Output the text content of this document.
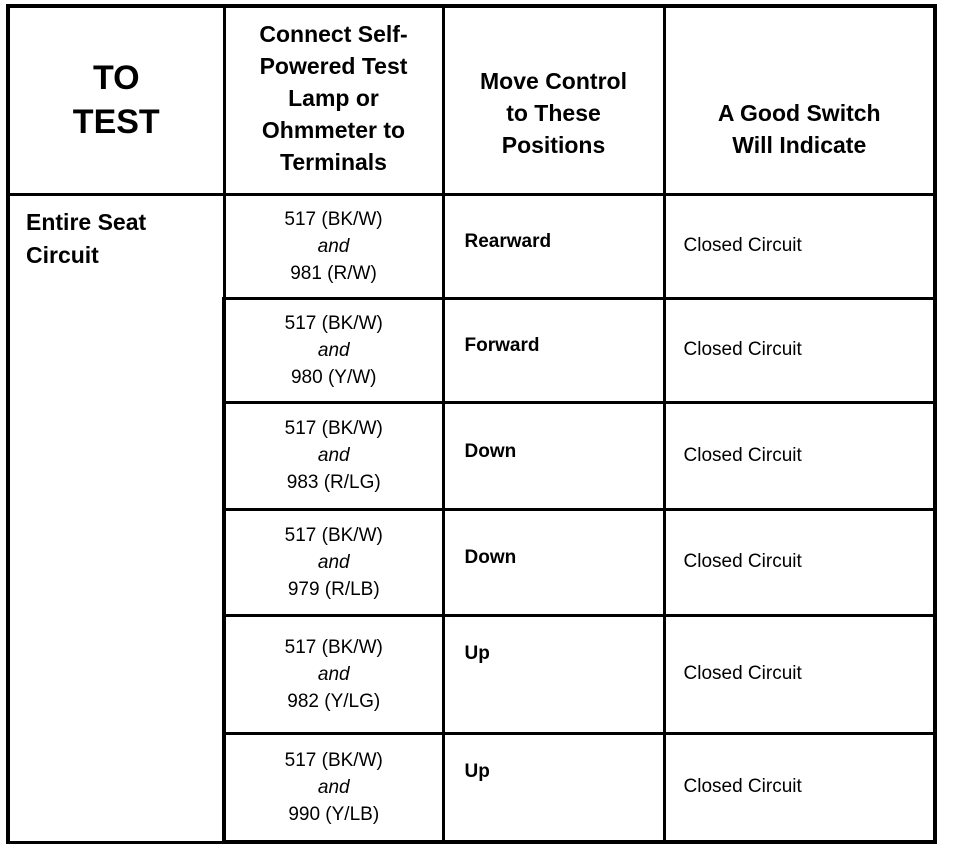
TO
TEST	Connect Self-
Powered Test
Lamp or
Ohmmeter to
Terminals	Move Control
to These
Positions	A Good Switch
Will Indicate

Entire Seat
Circuit	517 (BK/W)
and
981 (R/W)	Rearward	Closed Circuit

	517 (BK/W)
and
980 (Y/W)	Forward	Closed Circuit

	517 (BK/W)
and
983 (R/LG)	Down	Closed Circuit

	517 (BK/W)
and
979 (R/LB)	Down	Closed Circuit

	517 (BK/W)
and
982 (Y/LG)	Up	Closed Circuit

	517 (BK/W)
and
990 (Y/LB)	Up	Closed Circuit
